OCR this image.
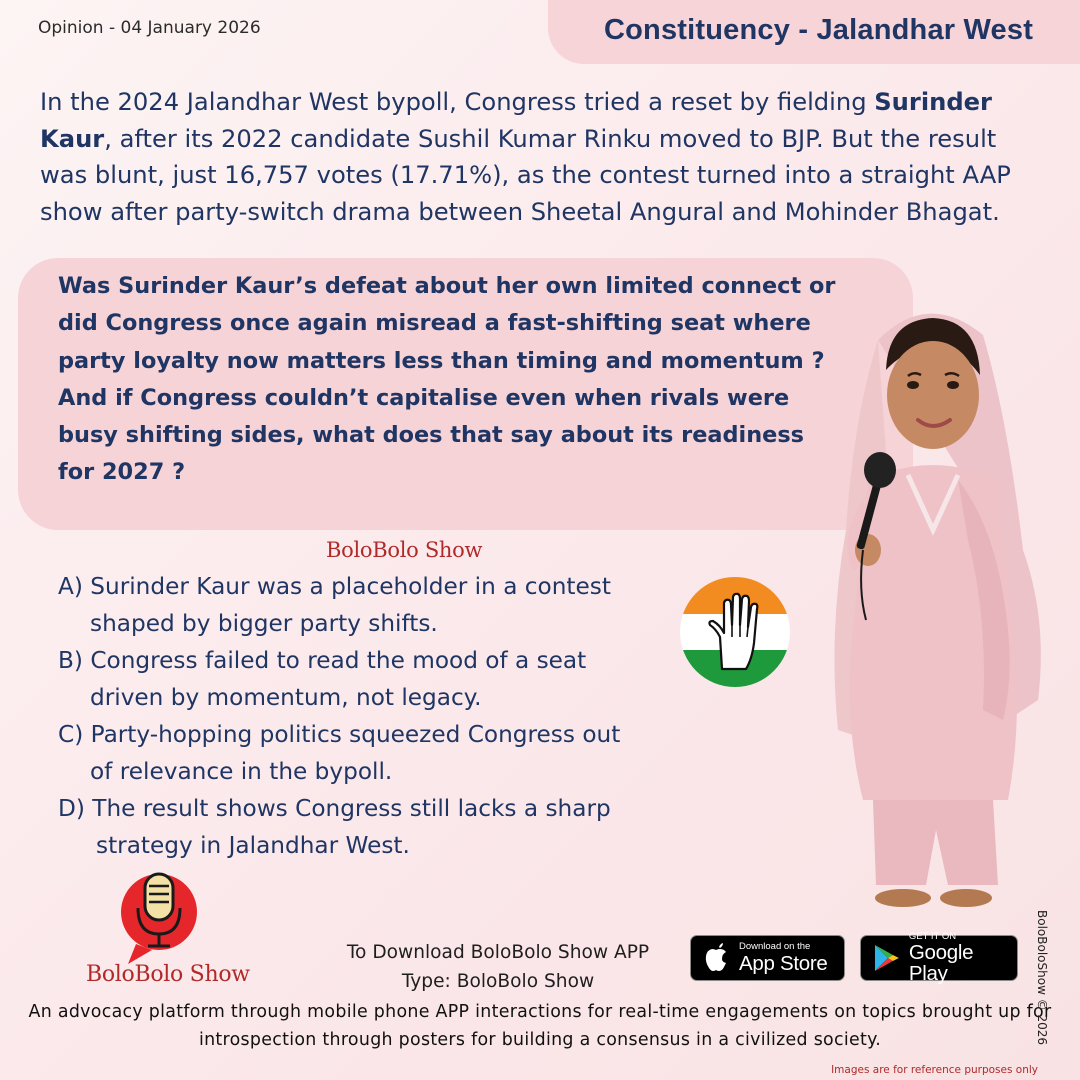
Opinion - 04 January 2026	Constituency - Jalandhar West
In the 2024 Jalandhar West bypoll, Congress tried a reset by fielding Surinder Kaur, after its 2022 candidate Sushil Kumar Rinku moved to BJP. But the result was blunt, just 16,757 votes (17.71%), as the contest turned into a straight AAP show after party-switch drama between Sheetal Angural and Mohinder Bhagat.
Was Surinder Kaur’s defeat about her own limited connect or did Congress once again misread a fast-shifting seat where party loyalty now matters less than timing and momentum ?
And if Congress couldn’t capitalise even when rivals were busy shifting sides, what does that say about its readiness for 2027 ?
BoloBolo Show
A) Surinder Kaur was a placeholder in a contest
shaped by bigger party shifts.
B) Congress failed to read the mood of a seat
driven by momentum, not legacy.
C) Party-hopping politics squeezed Congress out
of relevance in the bypoll.
D) The result shows Congress still lacks a sharp
strategy in Jalandhar West.
BoloBolo Show
To Download BoloBolo Show APP
Type: BoloBolo Show
Download on the
App Store
GET IT ON
Google Play
An advocacy platform through mobile phone APP interactions for real-time engagements on topics brought up for introspection through posters for building a consensus in a civilized society.	BoloBoloShow © 2026
Images are for reference purposes only
